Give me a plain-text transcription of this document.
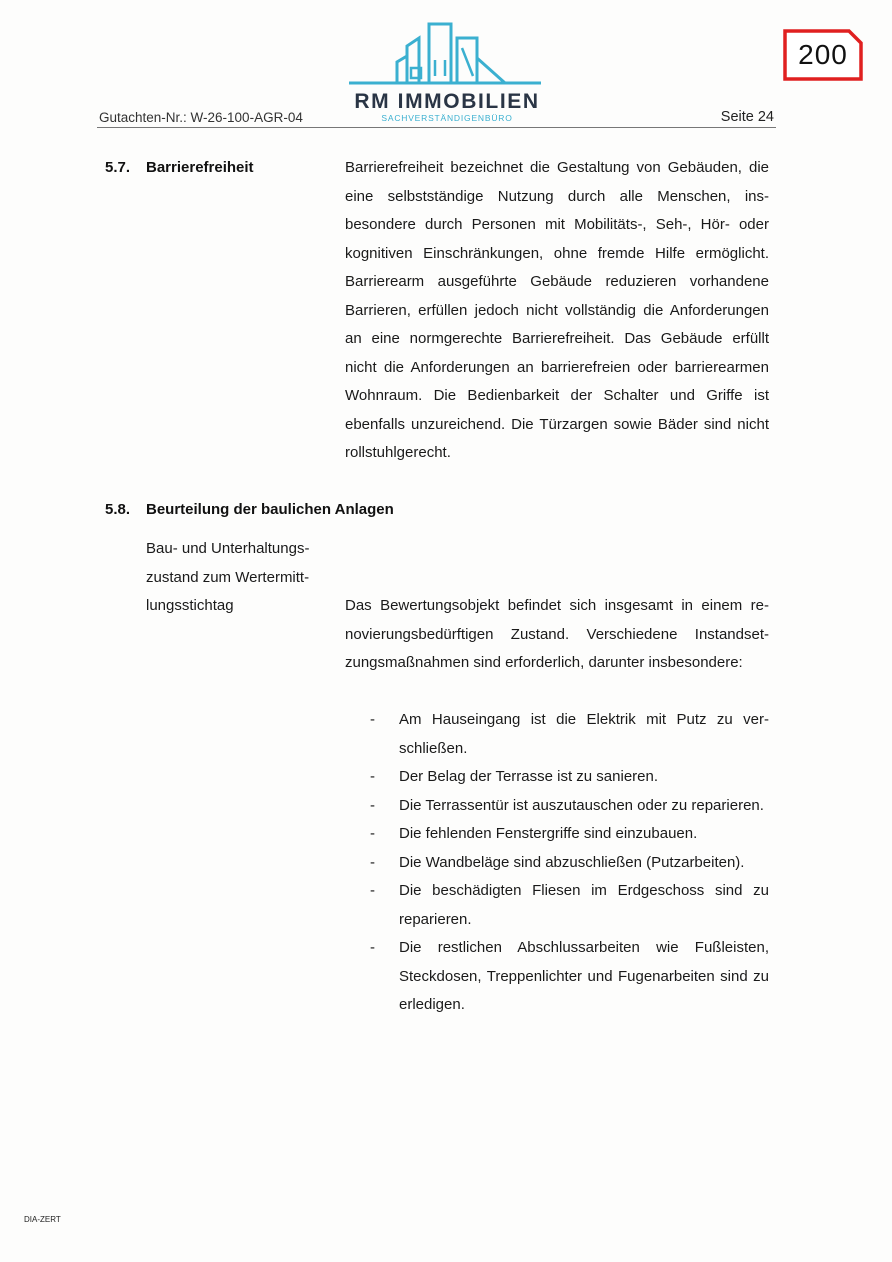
200
RM IMMOBILIEN
SACHVERSTÄNDIGENBÜRO
Gutachten-Nr.: W-26-100-AGR-04	Seite 24
5.7. Barrierefreiheit	Barrierefreiheit bezeichnet die Gestaltung von Gebäuden, die eine selbstständige Nutzung durch alle Menschen, insbesondere durch Personen mit Mobilitäts-, Seh-, Hör- oder kognitiven Einschränkungen, ohne fremde Hilfe ermöglicht. Barrierearm ausgeführte Gebäude reduzieren vorhandene Barrieren, erfüllen jedoch nicht vollständig die Anforderungen an eine normgerechte Barrierefreiheit. Das Gebäude erfüllt nicht die Anforderungen an barrierefreien oder barrierearmen Wohnraum. Die Bedienbarkeit der Schalter und Griffe ist ebenfalls unzureichend. Die Türzargen sowie Bäder sind nicht rollstuhlgerecht.
5.8. Beurteilung der baulichen Anlagen
Bau- und Unterhaltungszustand zum Wertermittlungsstichtag	Das Bewertungsobjekt befindet sich insgesamt in einem renovierungsbedürftigen Zustand. Verschiedene Instandsetzungsmaßnahmen sind erforderlich, darunter insbesondere:
- Am Hauseingang ist die Elektrik mit Putz zu verschließen.
- Der Belag der Terrasse ist zu sanieren.
- Die Terrassentür ist auszutauschen oder zu reparieren.
- Die fehlenden Fenstergriffe sind einzubauen.
- Die Wandbeläge sind abzuschließen (Putzarbeiten).
- Die beschädigten Fliesen im Erdgeschoss sind zu reparieren.
- Die restlichen Abschlussarbeiten wie Fußleisten, Steckdosen, Treppenlichter und Fugenarbeiten sind zu erledigen.
DIA-ZERT
